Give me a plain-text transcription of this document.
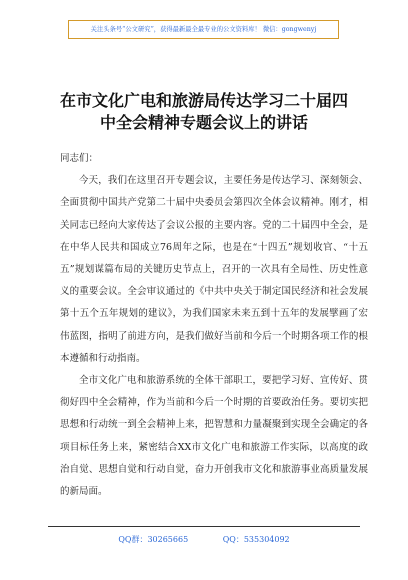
关注头条号“公文研究”，获得最新最全最专业的公文资料库！ 微信：gongwenyj
在市文化广电和旅游局传达学习二十届四
中全会精神专题会议上的讲话

同志们：

今天，我们在这里召开专题会议，主要任务是传达学习、深刻领会、全面贯彻中国共产党第二十届中央委员会第四次全体会议精神。刚才，相关同志已经向大家传达了会议公报的主要内容。党的二十届四中全会，是在中华人民共和国成立76周年之际，也是在“十四五”规划收官、“十五五”规划谋篇布局的关键历史节点上，召开的一次具有全局性、历史性意义的重要会议。全会审议通过的《中共中央关于制定国民经济和社会发展第十五个五年规划的建议》，为我们国家未来五到十五年的发展擘画了宏伟蓝图，指明了前进方向，是我们做好当前和今后一个时期各项工作的根本遵循和行动指南。

全市文化广电和旅游系统的全体干部职工，要把学习好、宣传好、贯彻好四中全会精神，作为当前和今后一个时期的首要政治任务。要切实把思想和行动统一到全会精神上来，把智慧和力量凝聚到实现全会确定的各项目标任务上来，紧密结合XX市文化广电和旅游工作实际，以高度的政治自觉、思想自觉和行动自觉，奋力开创我市文化和旅游事业高质量发展的新局面。

QQ群：30265665	QQ：535304092
